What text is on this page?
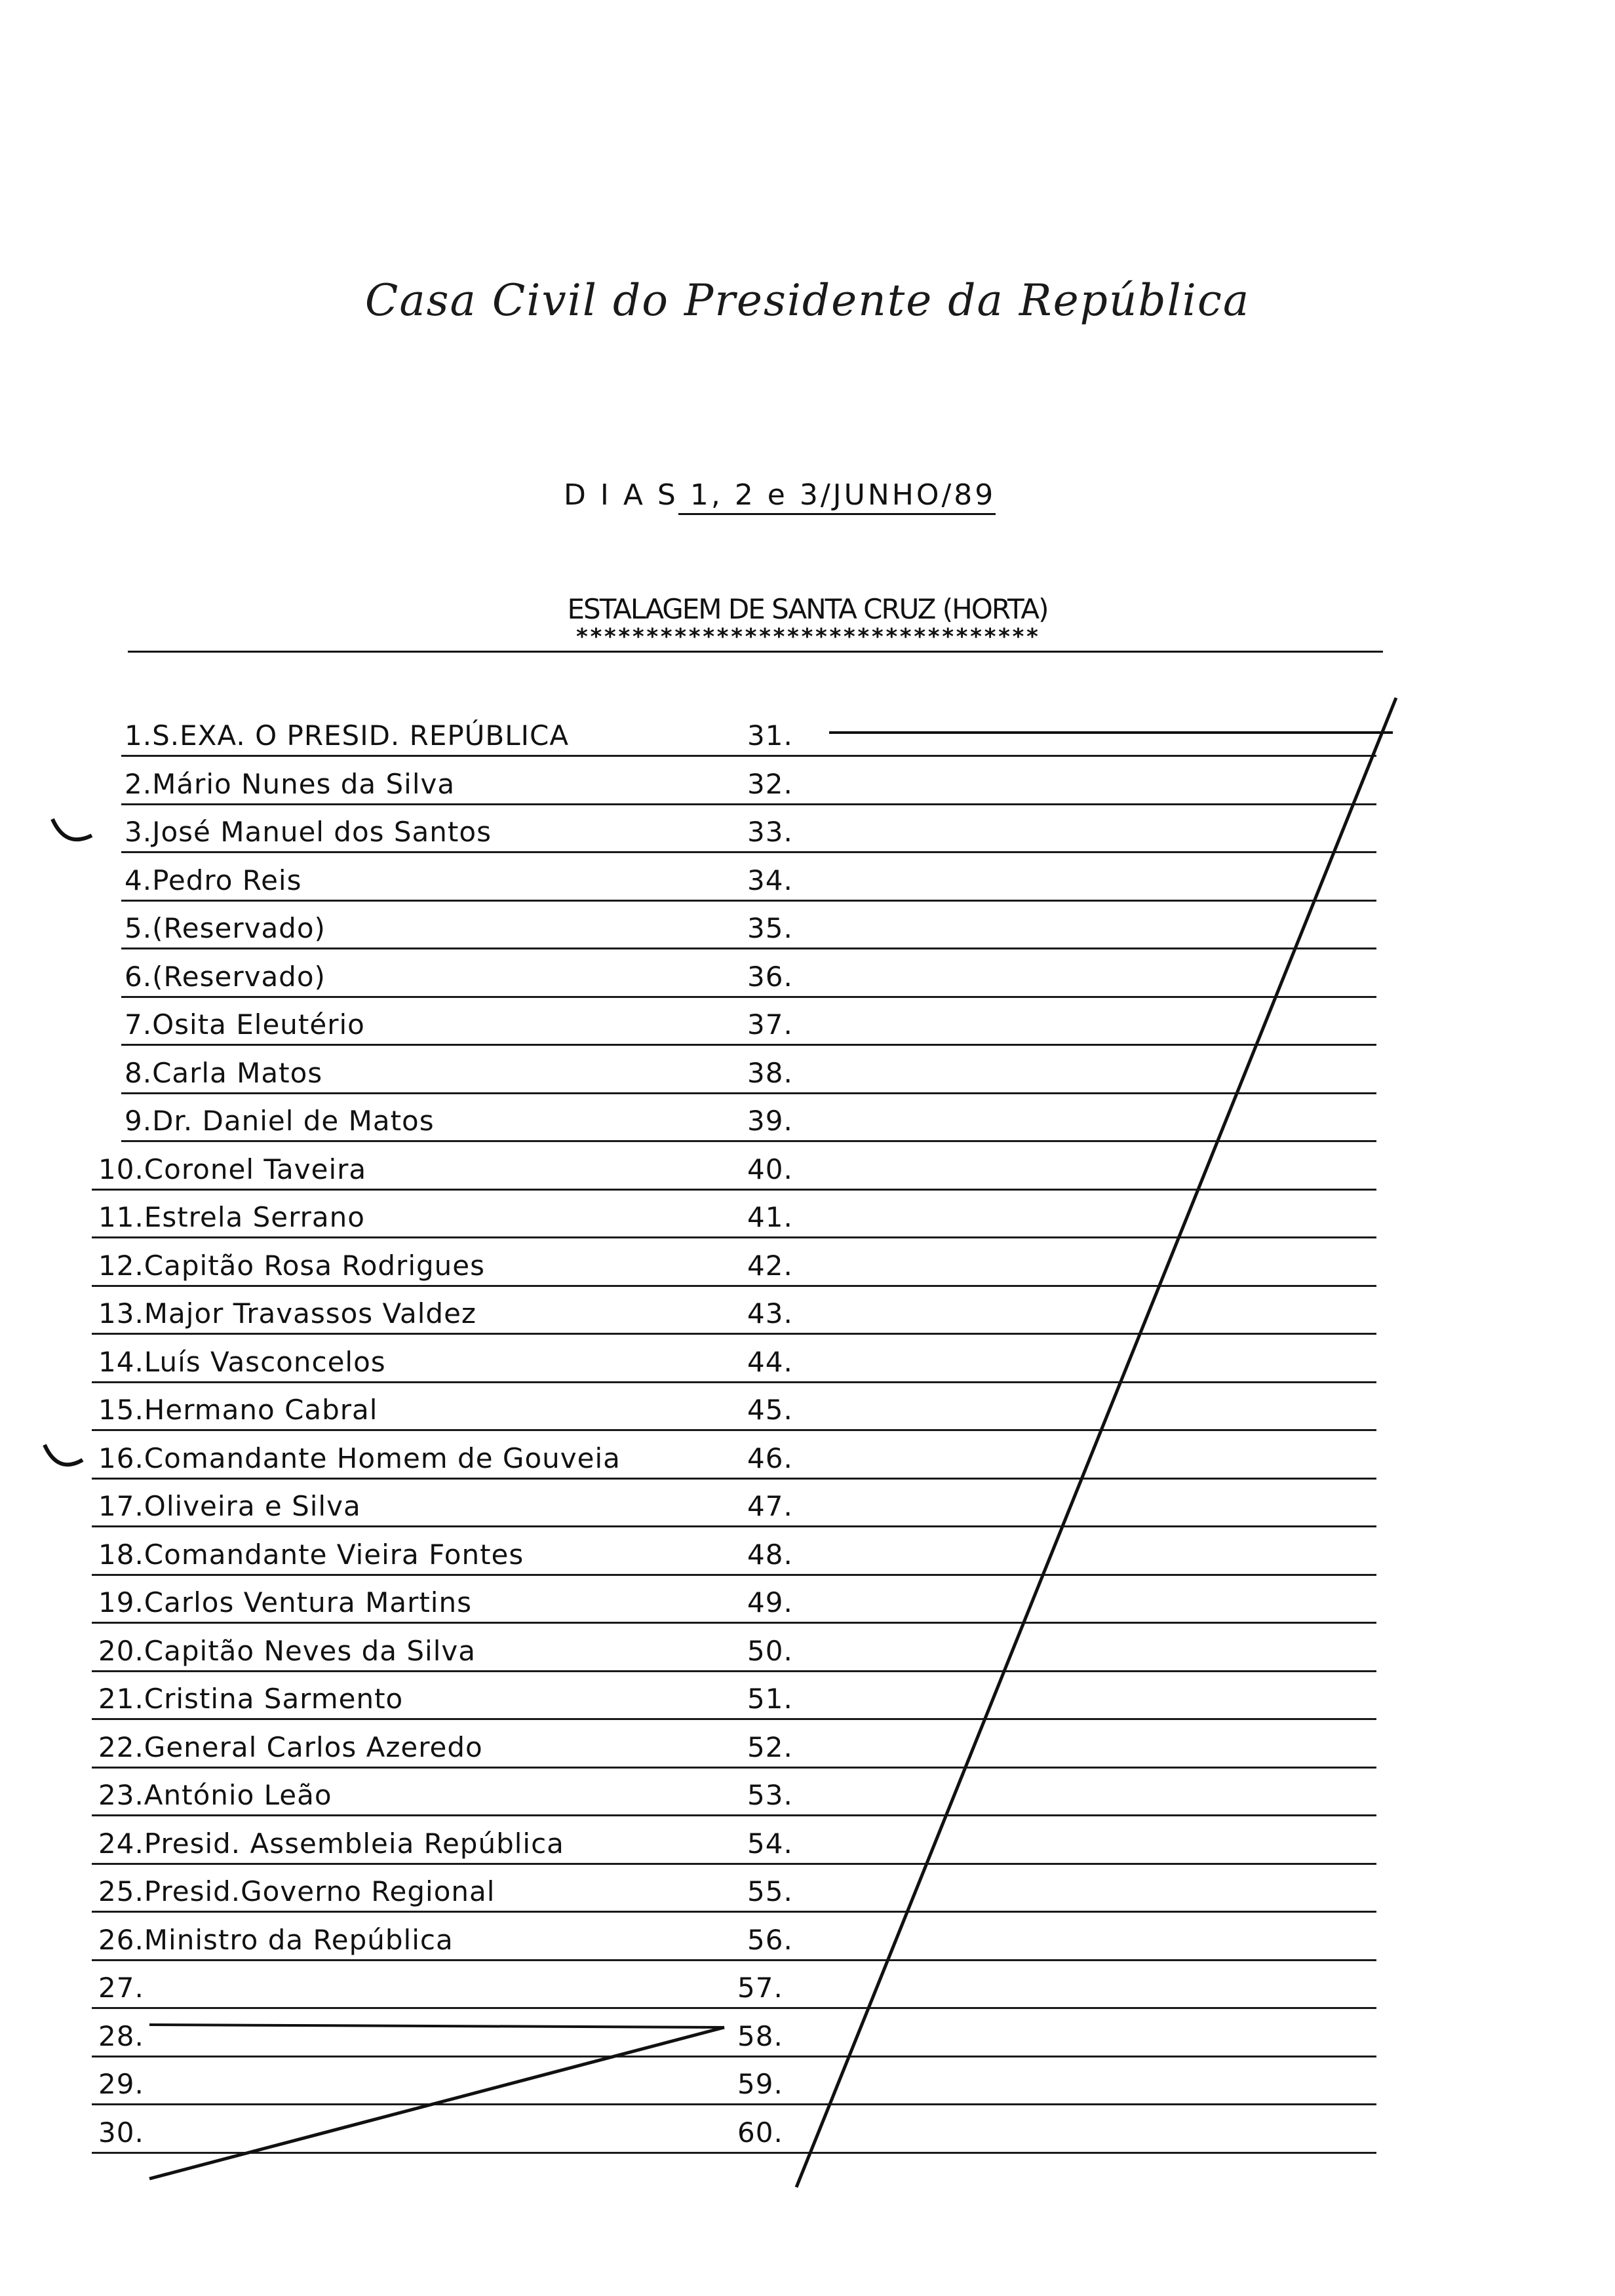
Casa Civil do Presidente da República
D I A S 1, 2 e 3/JUNHO/89
ESTALAGEM DE SANTA CRUZ (HORTA)
*********************************
1.S.EXA. O PRESID. REPÚBLICA	31.
2.Mário Nunes da Silva	32.
3.José Manuel dos Santos	33.
4.Pedro Reis	34.
5.(Reservado)	35.
6.(Reservado)	36.
7.Osita Eleutério	37.
8.Carla Matos	38.
9.Dr. Daniel de Matos	39.
10.Coronel Taveira	40.
11.Estrela Serrano	41.
12.Capitão Rosa Rodrigues	42.
13.Major Travassos Valdez	43.
14.Luís Vasconcelos	44.
15.Hermano Cabral	45.
16.Comandante Homem de Gouveia	46.
17.Oliveira e Silva	47.
18.Comandante Vieira Fontes	48.
19.Carlos Ventura Martins	49.
20.Capitão Neves da Silva	50.
21.Cristina Sarmento	51.
22.General Carlos Azeredo	52.
23.António Leão	53.
24.Presid. Assembleia República	54.
25.Presid.Governo Regional	55.
26.Ministro da República	56.
27.	57.
28.	58.
29.	59.
30.	60.
